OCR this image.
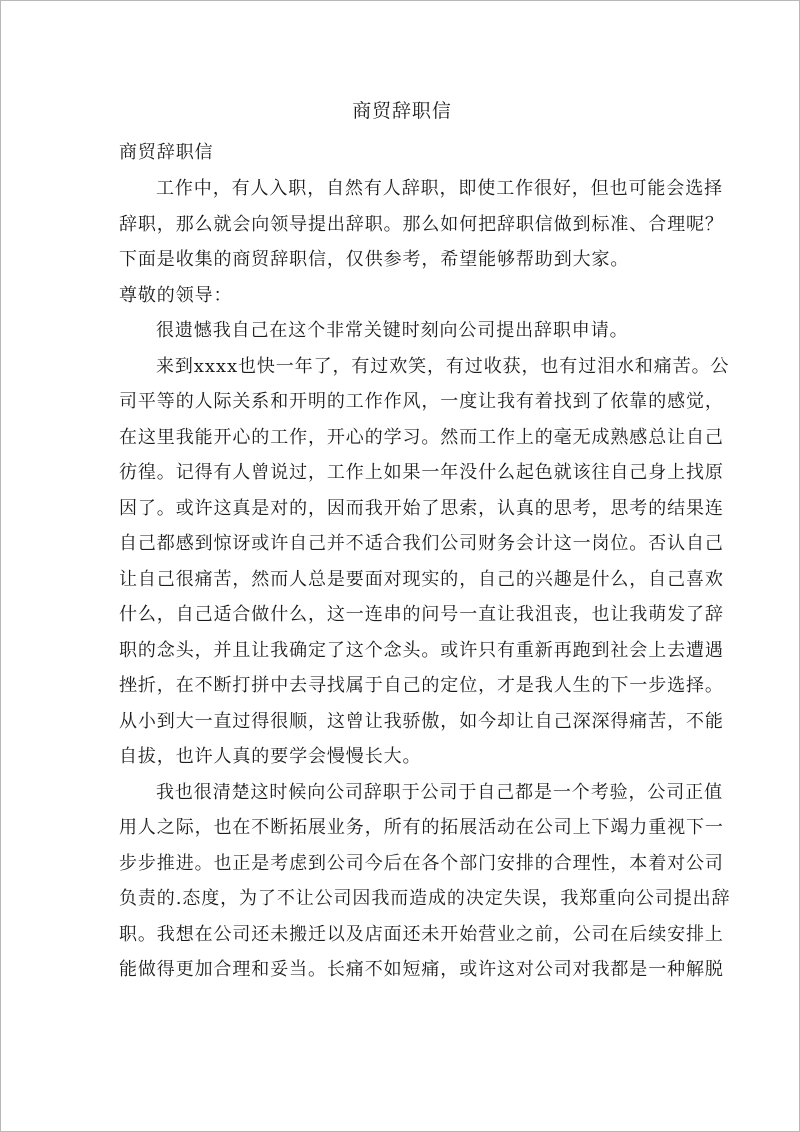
商贸辞职信

商贸辞职信

工作中，有人入职，自然有人辞职，即使工作很好，但也可能会选择

辞职，那么就会向领导提出辞职。那么如何把辞职信做到标准、合理呢？

下面是收集的商贸辞职信，仅供参考，希望能够帮助到大家。

尊敬的领导：

很遗憾我自己在这个非常关键时刻向公司提出辞职申请。

来到xxxx也快一年了，有过欢笑，有过收获，也有过泪水和痛苦。公

司平等的人际关系和开明的工作作风，一度让我有着找到了依靠的感觉，

在这里我能开心的工作，开心的学习。然而工作上的毫无成熟感总让自己

彷徨。记得有人曾说过，工作上如果一年没什么起色就该往自己身上找原

因了。或许这真是对的，因而我开始了思索，认真的思考，思考的结果连

自己都感到惊讶或许自己并不适合我们公司财务会计这一岗位。否认自己

让自己很痛苦，然而人总是要面对现实的，自己的兴趣是什么，自己喜欢

什么，自己适合做什么，这一连串的问号一直让我沮丧，也让我萌发了辞

职的念头，并且让我确定了这个念头。或许只有重新再跑到社会上去遭遇

挫折，在不断打拼中去寻找属于自己的定位，才是我人生的下一步选择。

从小到大一直过得很顺，这曾让我骄傲，如今却让自己深深得痛苦，不能

自拔，也许人真的要学会慢慢长大。

我也很清楚这时候向公司辞职于公司于自己都是一个考验，公司正值

用人之际，也在不断拓展业务，所有的拓展活动在公司上下竭力重视下一

步步推进。也正是考虑到公司今后在各个部门安排的合理性，本着对公司

负责的.态度，为了不让公司因我而造成的决定失误，我郑重向公司提出辞

职。我想在公司还未搬迁以及店面还未开始营业之前，公司在后续安排上

能做得更加合理和妥当。长痛不如短痛，或许这对公司对我都是一种解脱
